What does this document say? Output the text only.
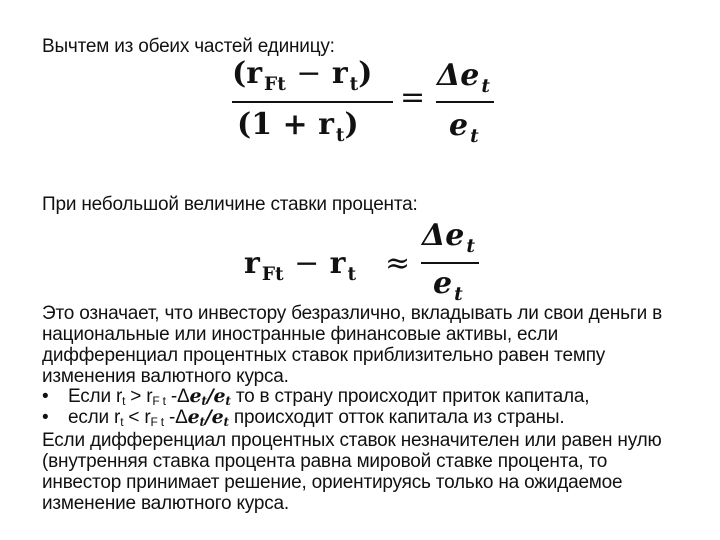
Вычтем из обеих частей единицу:
(r $_{Ft}$ − r $_t$)
(1 + r $_t$)
=
Δe $_t$
e $_t$
При небольшой величине ставки процента:
r $_{Ft}$ − r $_t$ ≈
Δe $_t$
e $_t$
Это означает, что инвестору безразлично, вкладывать ли свои деньги в
национальные или иностранные финансовые активы, если
дифференциал процентных ставок приблизительно равен темпу
изменения валютного курса.
• Если rt > rF t -Δet/et то в страну происходит приток капитала,
• если rt < rF t -Δet/et происходит отток капитала из страны.
Если дифференциал процентных ставок незначителен или равен нулю
(внутренняя ставка процента равна мировой ставке процента, то
инвестор принимает решение, ориентируясь только на ожидаемое
изменение валютного курса.
